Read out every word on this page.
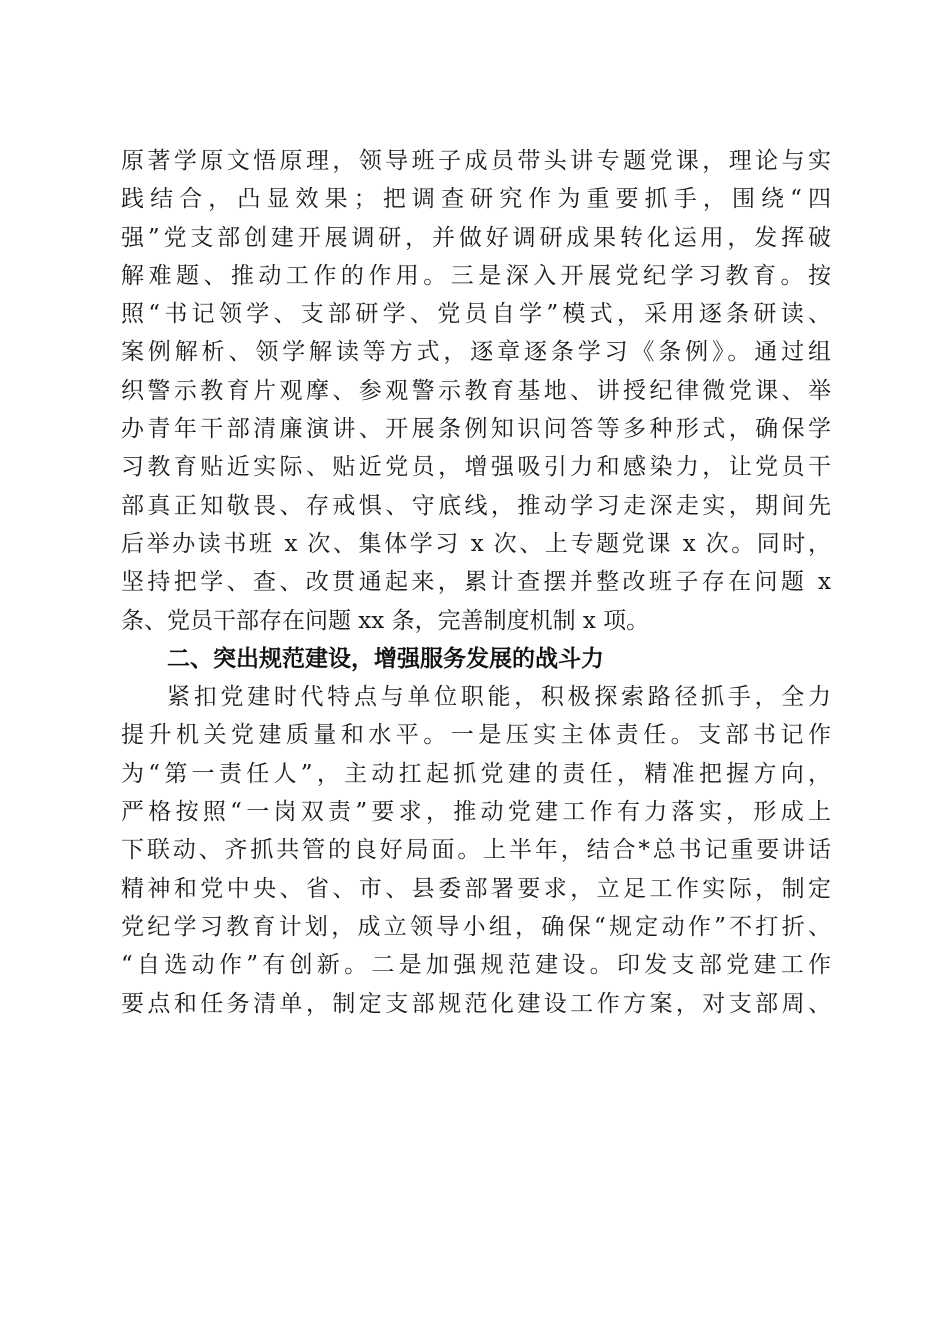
原著学原文悟原理，领导班子成员带头讲专题党课，理论与实
践结合，凸显效果；把调查研究作为重要抓手，围绕“四
强”党支部创建开展调研，并做好调研成果转化运用，发挥破
解难题、推动工作的作用。三是深入开展党纪学习教育。按
照“书记领学、支部研学、党员自学”模式，采用逐条研读、
案例解析、领学解读等方式，逐章逐条学习《条例》。通过组
织警示教育片观摩、参观警示教育基地、讲授纪律微党课、举
办青年干部清廉演讲、开展条例知识问答等多种形式，确保学
习教育贴近实际、贴近党员，增强吸引力和感染力，让党员干
部真正知敬畏、存戒惧、守底线，推动学习走深走实，期间先
后举办读书班 x 次、集体学习 x 次、上专题党课 x 次。同时，
坚持把学、查、改贯通起来，累计查摆并整改班子存在问题 x
条、党员干部存在问题 xx 条，完善制度机制 x 项。
二、突出规范建设，增强服务发展的战斗力
紧扣党建时代特点与单位职能，积极探索路径抓手，全力
提升机关党建质量和水平。一是压实主体责任。支部书记作
为“第一责任人”，主动扛起抓党建的责任，精准把握方向，
严格按照“一岗双责”要求，推动党建工作有力落实，形成上
下联动、齐抓共管的良好局面。上半年，结合*总书记重要讲话
精神和党中央、省、市、县委部署要求，立足工作实际，制定
党纪学习教育计划，成立领导小组，确保“规定动作”不打折、
“自选动作”有创新。二是加强规范建设。印发支部党建工作
要点和任务清单，制定支部规范化建设工作方案，对支部周、
